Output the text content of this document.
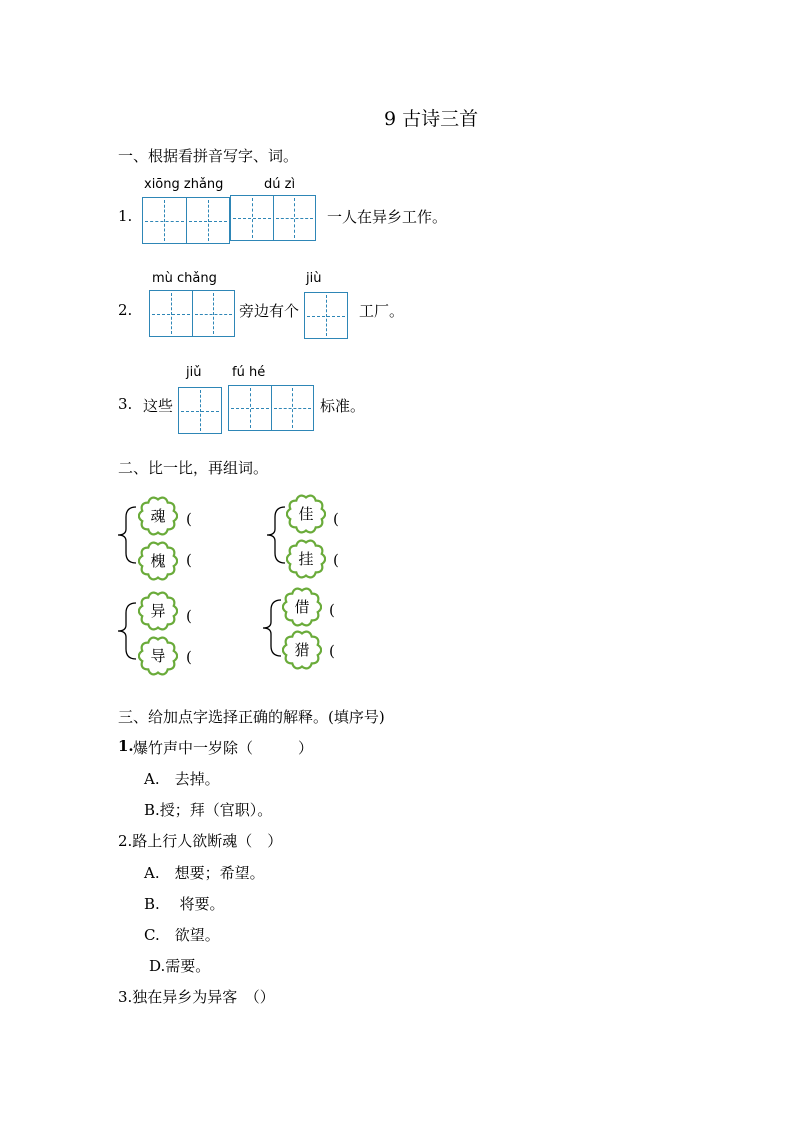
9 古诗三首
一、根据看拼音写字、词。
xiōng zhǎng	dú zì
1.	一人在异乡工作。
mù chǎng	jiù
2.	旁边有个	工厂。
jiǔ fú hé
3. 这些	标准。
二、比一比，再组词。
魂
槐
(
(
佳
挂
(
(
异
导
(
(
借
猎
(
(
三、给加点字选择正确的解释。(填序号)
1. 爆竹声中一岁除（　　　）
A.　去掉。
B.授；拜（官职）。
2.路上行人欲断魂（　）
A.　想要；希望。
B.　 将要。
C.　欲望。
D.需要。
3.独在异乡为异客　（）
